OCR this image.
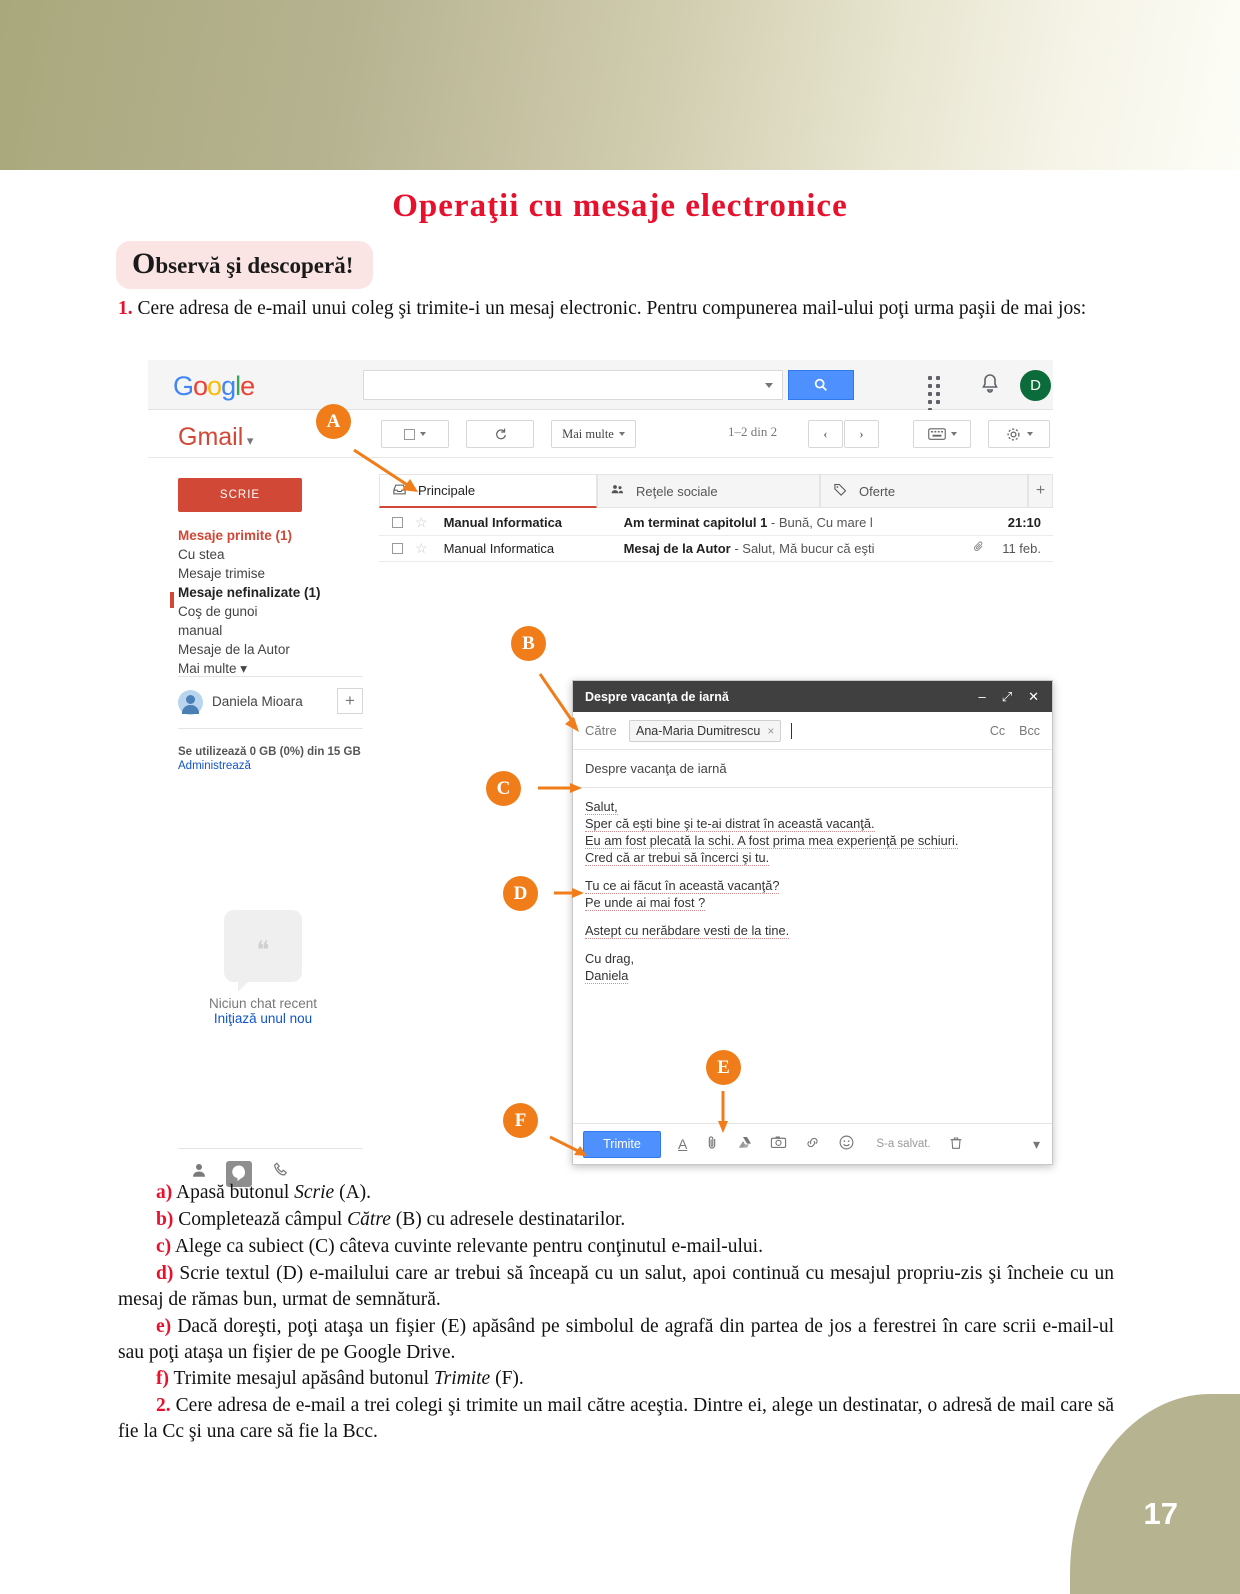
Operaţii cu mesaje electronice
Observă şi descoperă!
1. Cere adresa de e-mail unui coleg şi trimite-i un mesaj electronic. Pentru compunerea mail-ului poţi urma paşii de mai jos:
Google	D
Gmail ▾	Mai multe	1–2 din 2	‹	›
SCRIE
Mesaje primite (1)
Cu stea
Mesaje trimise
Mesaje nefinalizate (1)
Coş de gunoi
manual
Mesaje de la Autor
Mai multe ▾
Daniela Mioara	+
Se utilizează 0 GB (0%) din 15 GB
Administrează
❝
Niciun chat recent
Iniţiază unul nou
Principale	Reţele sociale	Oferte	+
☆ Manual Informatica	Am terminat capitolul 1 - Bună, Cu mare l	21:10
☆ Manual Informatica	Mesaj de la Autor - Salut, Mă bucur că eşti	11 feb.
Despre vacanţa de iarnă	– ⤢ ✕
Către	Ana-Maria Dumitrescu ×	Cc Bcc
Despre vacanţa de iarnă

Salut,

Sper că eşti bine şi te-ai distrat în această vacanţă.

Eu am fost plecată la schi. A fost prima mea experienţă pe schiuri.

Cred că ar trebui să încerci şi tu.

Tu ce ai făcut în această vacanţă?

Pe unde ai mai fost ?

Astept cu nerăbdare vesti de la tine.

Cu drag,

Daniela

Trimite	A	S-a salvat.	▾
A
B
C
D
E
F

a) Apasă butonul Scrie (A).

b) Completează câmpul Către (B) cu adresele destinatarilor.

c) Alege ca subiect (C) câteva cuvinte relevante pentru conţinutul e-mail-ului.

d) Scrie textul (D) e-mailului care ar trebui să înceapă cu un salut, apoi continuă cu mesajul propriu-zis şi încheie cu un mesaj de rămas bun, urmat de semnătură.

e) Dacă doreşti, poţi ataşa un fişier (E) apăsând pe simbolul de agrafă din partea de jos a ferestrei în care scrii e-mail-ul sau poţi ataşa un fişier de pe Google Drive.

f) Trimite mesajul apăsând butonul Trimite (F).

2. Cere adresa de e-mail a trei colegi şi trimite un mail către aceştia. Dintre ei, alege un destinatar, o adresă de mail care să fie la Cc şi una care să fie la Bcc.

17
